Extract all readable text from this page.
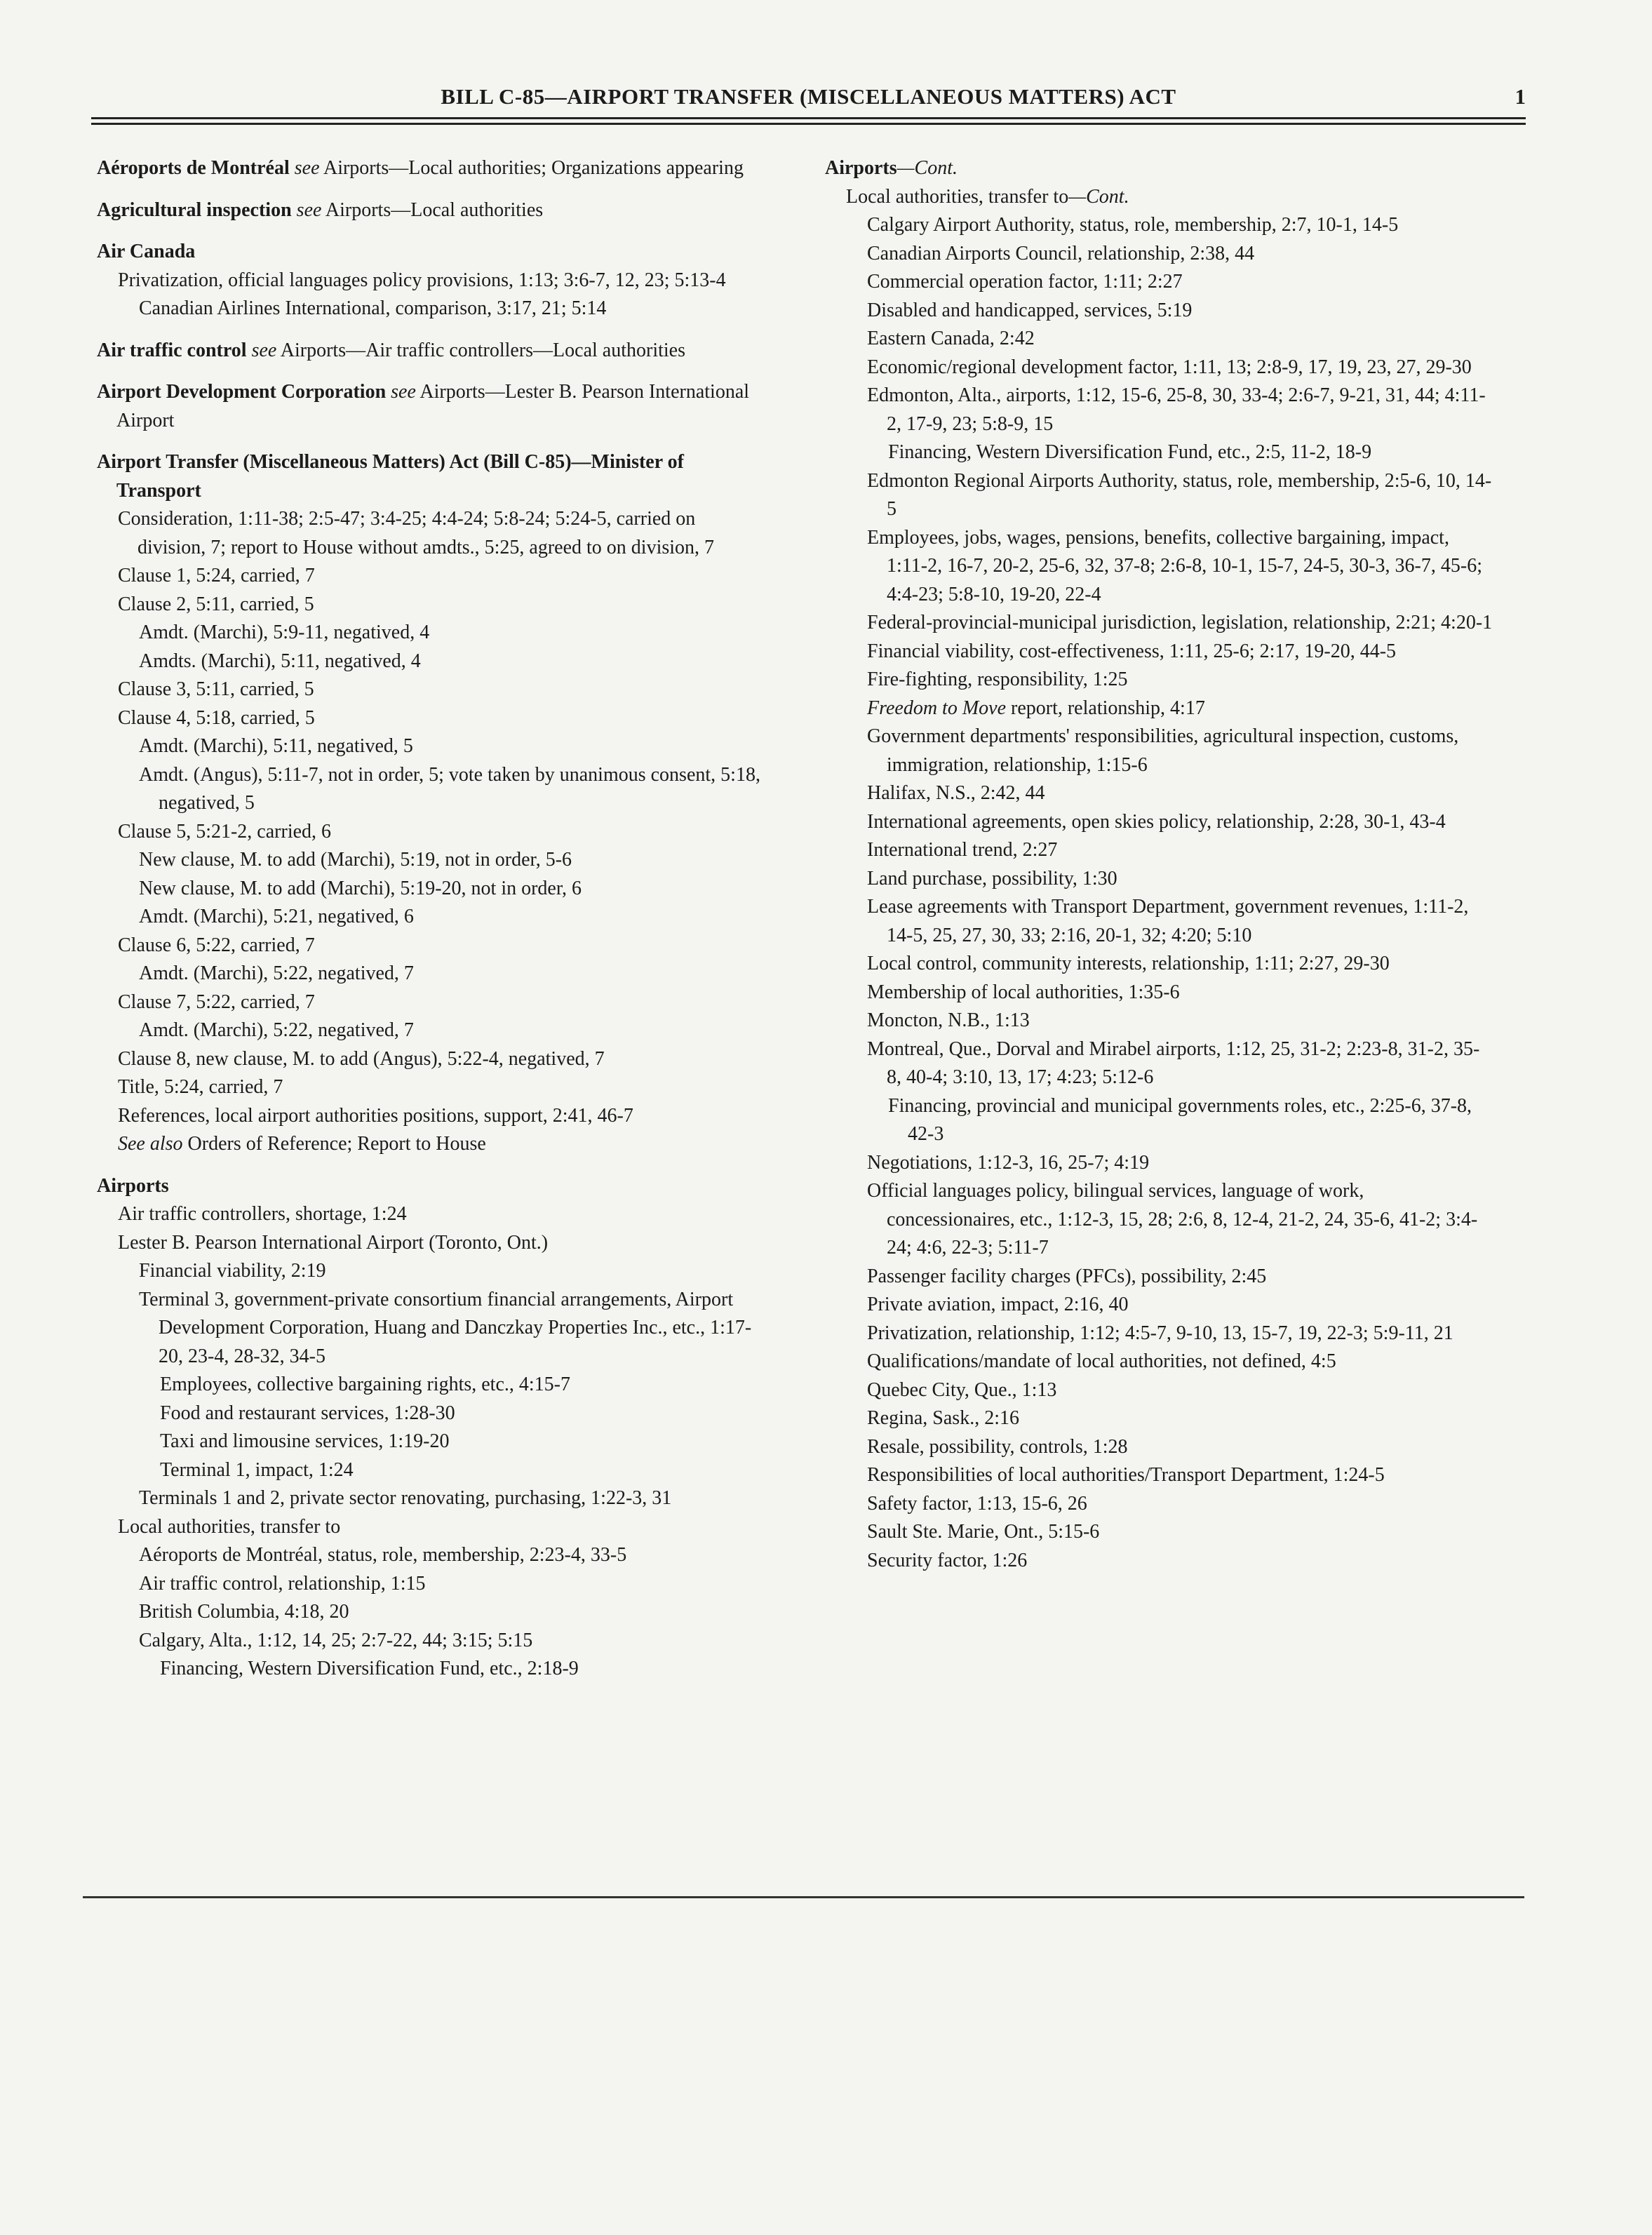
BILL C-85—AIRPORT TRANSFER (MISCELLANEOUS MATTERS) ACT	1

Aéroports de Montréal see Airports—Local authorities; Organizations appearing

Agricultural inspection see Airports—Local authorities

Air Canada

Privatization, official languages policy provisions, 1:13; 3:6-7, 12, 23; 5:13-4

Canadian Airlines International, comparison, 3:17, 21; 5:14

Air traffic control see Airports—Air traffic controllers—Local authorities

Airport Development Corporation see Airports—Lester B. Pearson International Airport

Airport Transfer (Miscellaneous Matters) Act (Bill C-85)—Minister of Transport

Consideration, 1:11-38; 2:5-47; 3:4-25; 4:4-24; 5:8-24; 5:24-5, carried on division, 7; report to House without amdts., 5:25, agreed to on division, 7

Clause 1, 5:24, carried, 7

Clause 2, 5:11, carried, 5

Amdt. (Marchi), 5:9-11, negatived, 4

Amdts. (Marchi), 5:11, negatived, 4

Clause 3, 5:11, carried, 5

Clause 4, 5:18, carried, 5

Amdt. (Marchi), 5:11, negatived, 5

Amdt. (Angus), 5:11-7, not in order, 5; vote taken by unanimous consent, 5:18, negatived, 5

Clause 5, 5:21-2, carried, 6

New clause, M. to add (Marchi), 5:19, not in order, 5-6

New clause, M. to add (Marchi), 5:19-20, not in order, 6

Amdt. (Marchi), 5:21, negatived, 6

Clause 6, 5:22, carried, 7

Amdt. (Marchi), 5:22, negatived, 7

Clause 7, 5:22, carried, 7

Amdt. (Marchi), 5:22, negatived, 7

Clause 8, new clause, M. to add (Angus), 5:22-4, negatived, 7

Title, 5:24, carried, 7

References, local airport authorities positions, support, 2:41, 46-7

See also Orders of Reference; Report to House

Airports

Air traffic controllers, shortage, 1:24

Lester B. Pearson International Airport (Toronto, Ont.)

Financial viability, 2:19

Terminal 3, government-private consortium financial arrangements, Airport Development Corporation, Huang and Danczkay Properties Inc., etc., 1:17-20, 23-4, 28-32, 34-5

Employees, collective bargaining rights, etc., 4:15-7

Food and restaurant services, 1:28-30

Taxi and limousine services, 1:19-20

Terminal 1, impact, 1:24

Terminals 1 and 2, private sector renovating, purchasing, 1:22-3, 31

Local authorities, transfer to

Aéroports de Montréal, status, role, membership, 2:23-4, 33-5

Air traffic control, relationship, 1:15

British Columbia, 4:18, 20

Calgary, Alta., 1:12, 14, 25; 2:7-22, 44; 3:15; 5:15

Financing, Western Diversification Fund, etc., 2:18-9

Airports—Cont.

Local authorities, transfer to—Cont.

Calgary Airport Authority, status, role, membership, 2:7, 10-1, 14-5

Canadian Airports Council, relationship, 2:38, 44

Commercial operation factor, 1:11; 2:27

Disabled and handicapped, services, 5:19

Eastern Canada, 2:42

Economic/regional development factor, 1:11, 13; 2:8-9, 17, 19, 23, 27, 29-30

Edmonton, Alta., airports, 1:12, 15-6, 25-8, 30, 33-4; 2:6-7, 9-21, 31, 44; 4:11-2, 17-9, 23; 5:8-9, 15

Financing, Western Diversification Fund, etc., 2:5, 11-2, 18-9

Edmonton Regional Airports Authority, status, role, membership, 2:5-6, 10, 14-5

Employees, jobs, wages, pensions, benefits, collective bargaining, impact, 1:11-2, 16-7, 20-2, 25-6, 32, 37-8; 2:6-8, 10-1, 15-7, 24-5, 30-3, 36-7, 45-6; 4:4-23; 5:8-10, 19-20, 22-4

Federal-provincial-municipal jurisdiction, legislation, relationship, 2:21; 4:20-1

Financial viability, cost-effectiveness, 1:11, 25-6; 2:17, 19-20, 44-5

Fire-fighting, responsibility, 1:25

Freedom to Move report, relationship, 4:17

Government departments' responsibilities, agricultural inspection, customs, immigration, relationship, 1:15-6

Halifax, N.S., 2:42, 44

International agreements, open skies policy, relationship, 2:28, 30-1, 43-4

International trend, 2:27

Land purchase, possibility, 1:30

Lease agreements with Transport Department, government revenues, 1:11-2, 14-5, 25, 27, 30, 33; 2:16, 20-1, 32; 4:20; 5:10

Local control, community interests, relationship, 1:11; 2:27, 29-30

Membership of local authorities, 1:35-6

Moncton, N.B., 1:13

Montreal, Que., Dorval and Mirabel airports, 1:12, 25, 31-2; 2:23-8, 31-2, 35-8, 40-4; 3:10, 13, 17; 4:23; 5:12-6

Financing, provincial and municipal governments roles, etc., 2:25-6, 37-8, 42-3

Negotiations, 1:12-3, 16, 25-7; 4:19

Official languages policy, bilingual services, language of work, concessionaires, etc., 1:12-3, 15, 28; 2:6, 8, 12-4, 21-2, 24, 35-6, 41-2; 3:4-24; 4:6, 22-3; 5:11-7

Passenger facility charges (PFCs), possibility, 2:45

Private aviation, impact, 2:16, 40

Privatization, relationship, 1:12; 4:5-7, 9-10, 13, 15-7, 19, 22-3; 5:9-11, 21

Qualifications/mandate of local authorities, not defined, 4:5

Quebec City, Que., 1:13

Regina, Sask., 2:16

Resale, possibility, controls, 1:28

Responsibilities of local authorities/Transport Department, 1:24-5

Safety factor, 1:13, 15-6, 26

Sault Ste. Marie, Ont., 5:15-6

Security factor, 1:26
